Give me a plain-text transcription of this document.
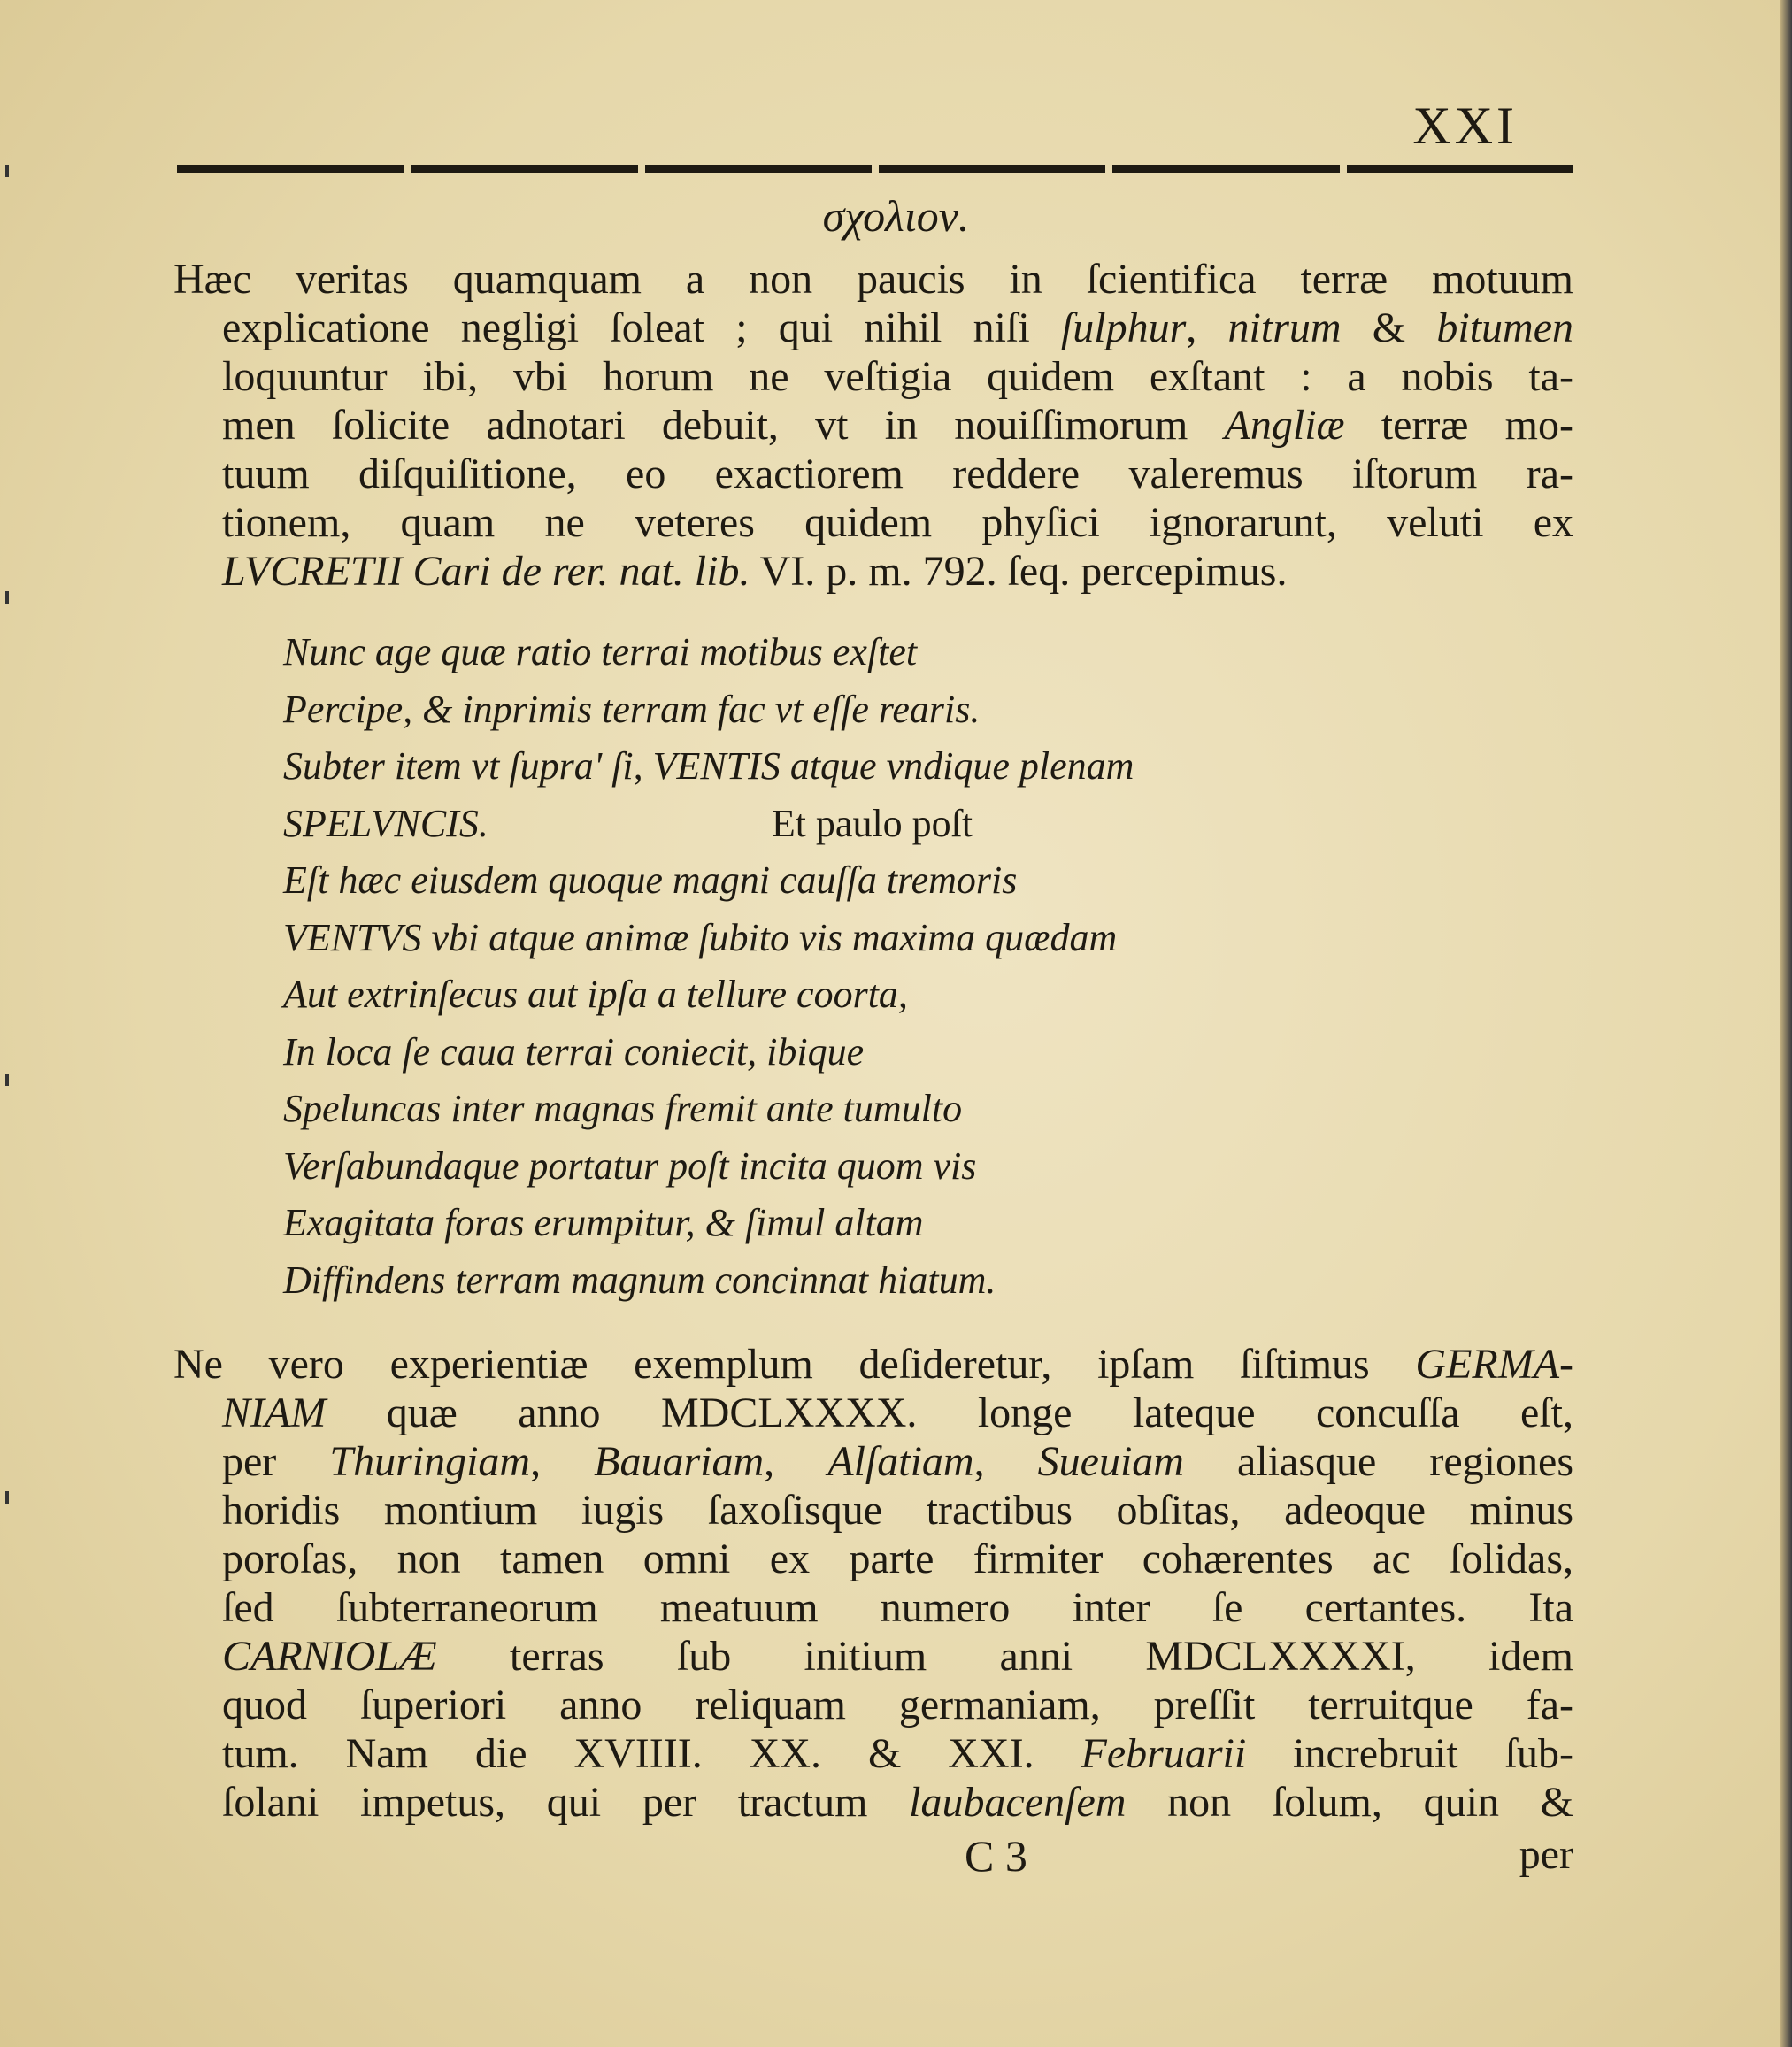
XXI
σχολιον.
Hæc veritas quamquam a non paucis in ſcientifica terræ motuum
explicatione negligi ſoleat ; qui nihil niſi ſulphur, nitrum & bitumen
loquuntur ibi, vbi horum ne veſtigia quidem exſtant : a nobis ta-
men ſolicite adnotari debuit, vt in nouiſſimorum Angliæ terræ mo-
tuum diſquiſitione, eo exactiorem reddere valeremus iſtorum ra-
tionem, quam ne veteres quidem phyſici ignorarunt, veluti ex
LVCRETII Cari de rer. nat. lib. VI. p. m. 792. ſeq. percepimus.
Nunc age quæ ratio terrai motibus exſtet
Percipe, & inprimis terram fac vt eſſe rearis.
Subter item vt ſupra' ſi, VENTIS atque vndique plenam
SPELVNCIS.	Et paulo poſt
Eſt hæc eiusdem quoque magni cauſſa tremoris
VENTVS vbi atque animæ ſubito vis maxima quædam
Aut extrinſecus aut ipſa a tellure coorta,
In loca ſe caua terrai coniecit, ibique
Speluncas inter magnas fremit ante tumulto
Verſabundaque portatur poſt incita quom vis
Exagitata foras erumpitur, & ſimul altam
Diffindens terram magnum concinnat hiatum.
Ne vero experientiæ exemplum deſideretur, ipſam ſiſtimus GERMA-
NIAM quæ anno MDCLXXXX. longe lateque concuſſa eſt,
per Thuringiam, Bauariam, Alſatiam, Sueuiam aliasque regiones
horidis montium iugis ſaxoſisque tractibus obſitas, adeoque minus
poroſas, non tamen omni ex parte firmiter cohærentes ac ſolidas,
ſed ſubterraneorum meatuum numero inter ſe certantes. Ita
CARNIOLÆ terras ſub initium anni MDCLXXXXI, idem
quod ſuperiori anno reliquam germaniam, preſſit terruitque fa-
tum. Nam die XVIIII. XX. & XXI. Februarii increbruit ſub-
ſolani impetus, qui per tractum laubacenſem non ſolum, quin &
C 3	per
